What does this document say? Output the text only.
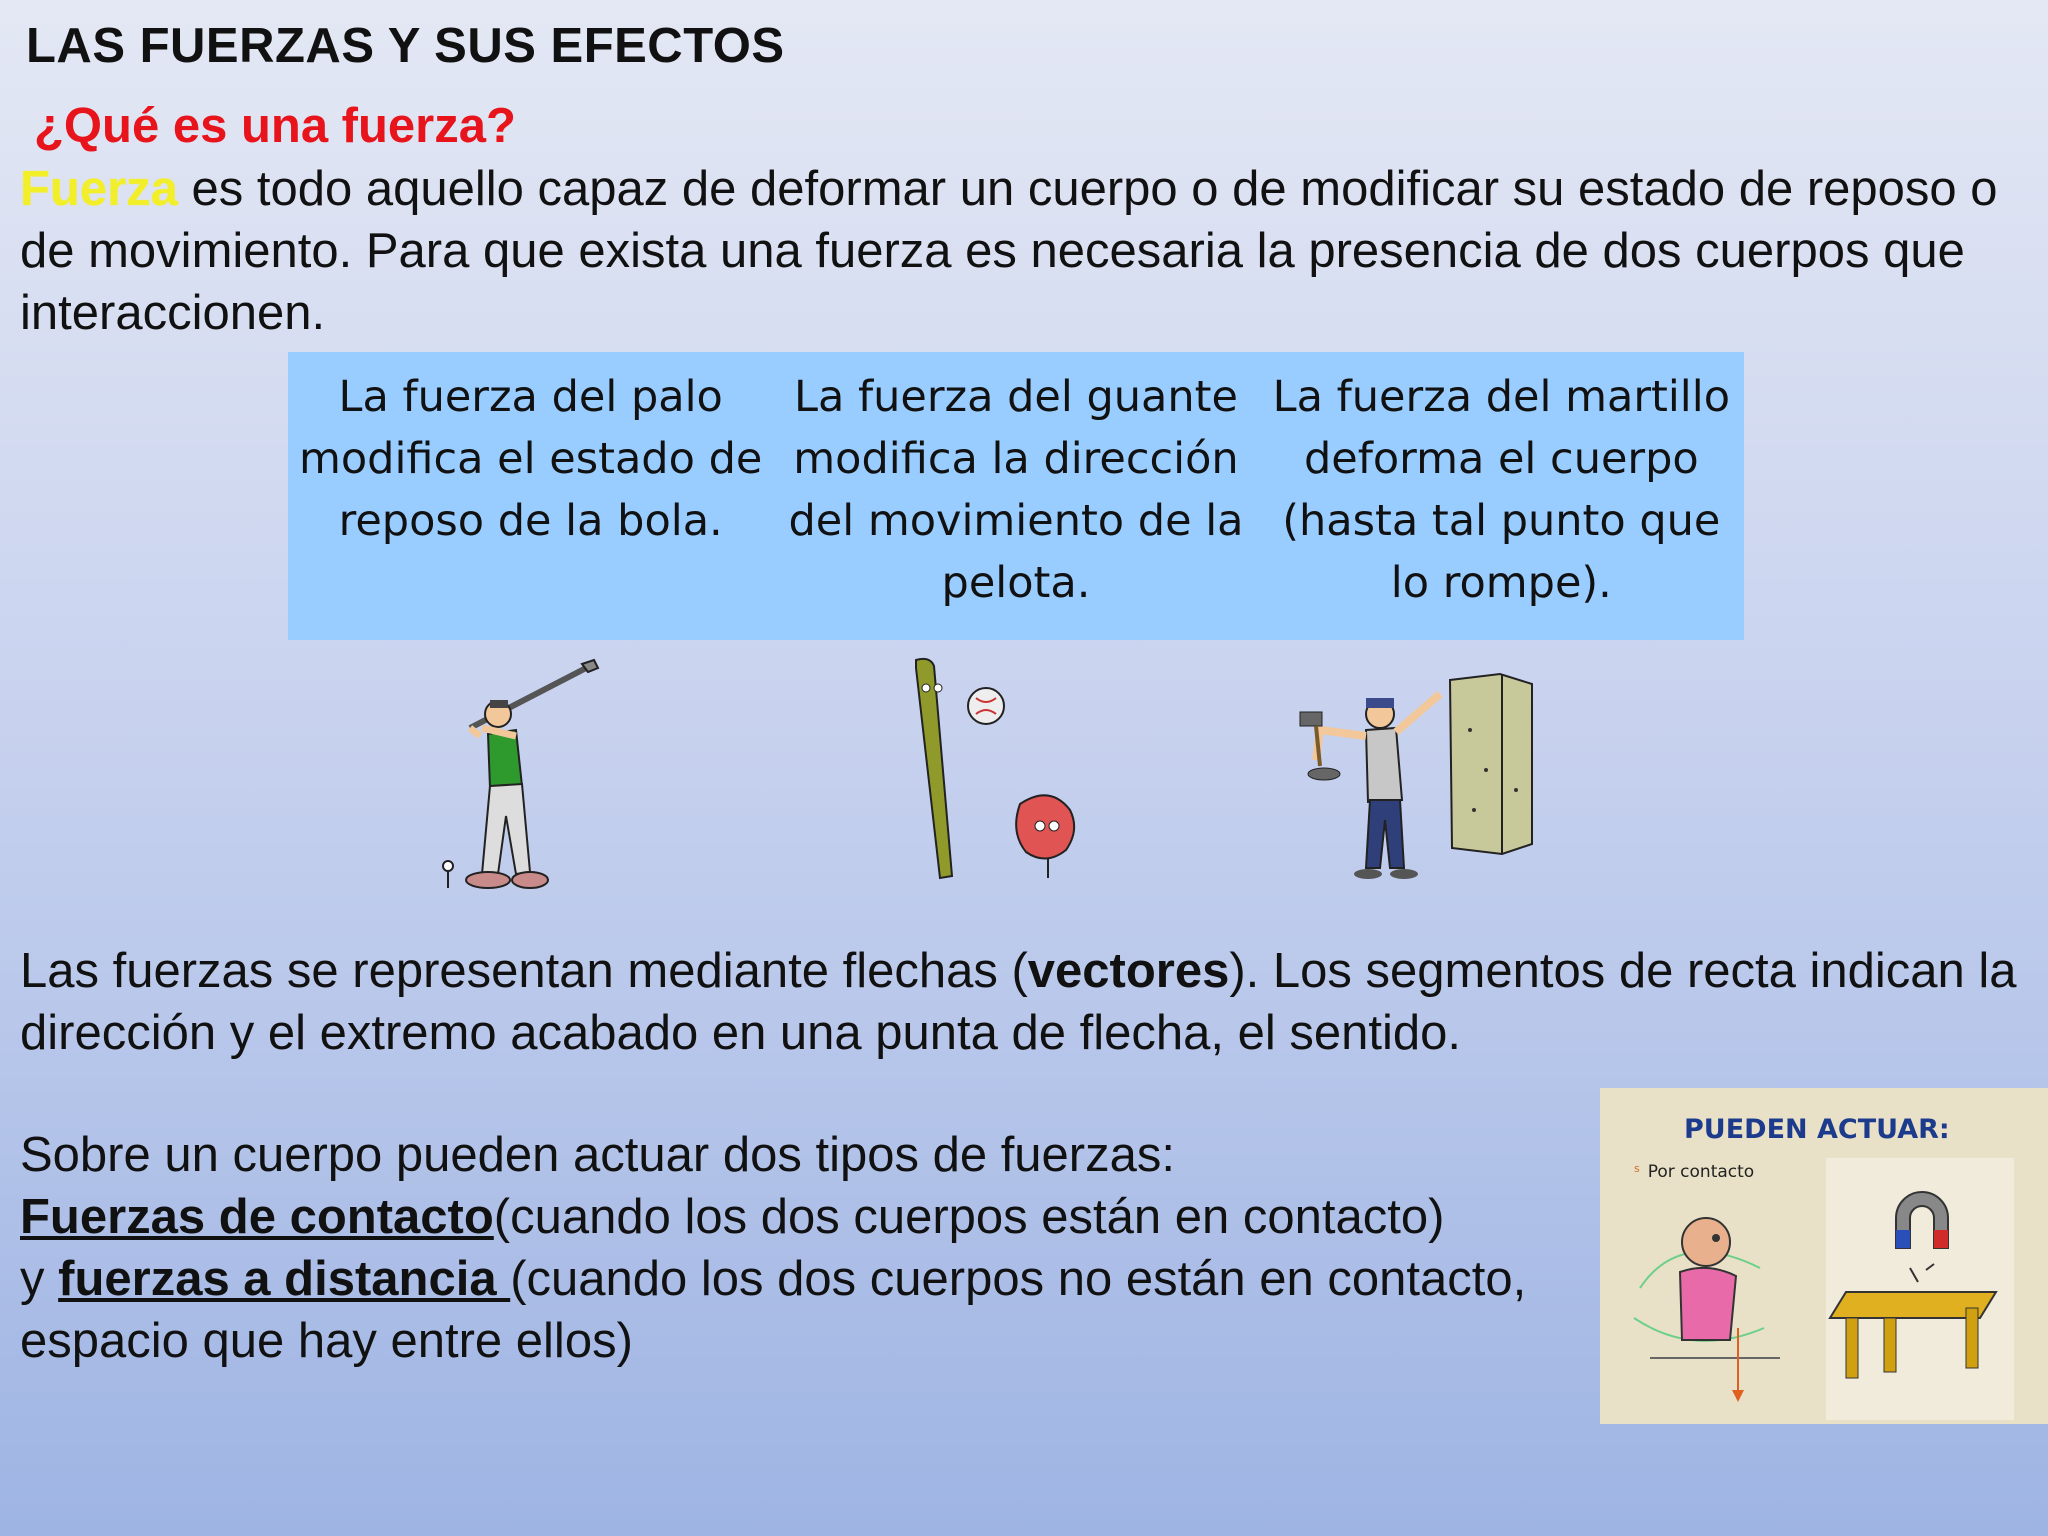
LAS FUERZAS Y SUS EFECTOS
¿Qué es una fuerza?
Fuerza es todo aquello capaz de deformar un cuerpo o de modificar su estado de reposo o de movimiento. Para que exista una fuerza es necesaria la presencia de dos cuerpos que interaccionen.
La fuerza del palo modifica el estado de reposo de la bola.
La fuerza del guante modifica la dirección del movimiento de la pelota.
La fuerza del martillo deforma el cuerpo (hasta tal punto que lo rompe).
Las fuerzas se representan mediante flechas (vectores). Los segmentos de recta indican la dirección y el extremo acabado en una punta de flecha, el sentido.
Sobre un cuerpo pueden actuar dos tipos de fuerzas:
Fuerzas de contacto(cuando los dos cuerpos están en contacto)
y fuerzas a distancia (cuando los dos cuerpos no están en contacto,
espacio que hay entre ellos)
PUEDEN ACTUAR:
$^s$ Por contacto
